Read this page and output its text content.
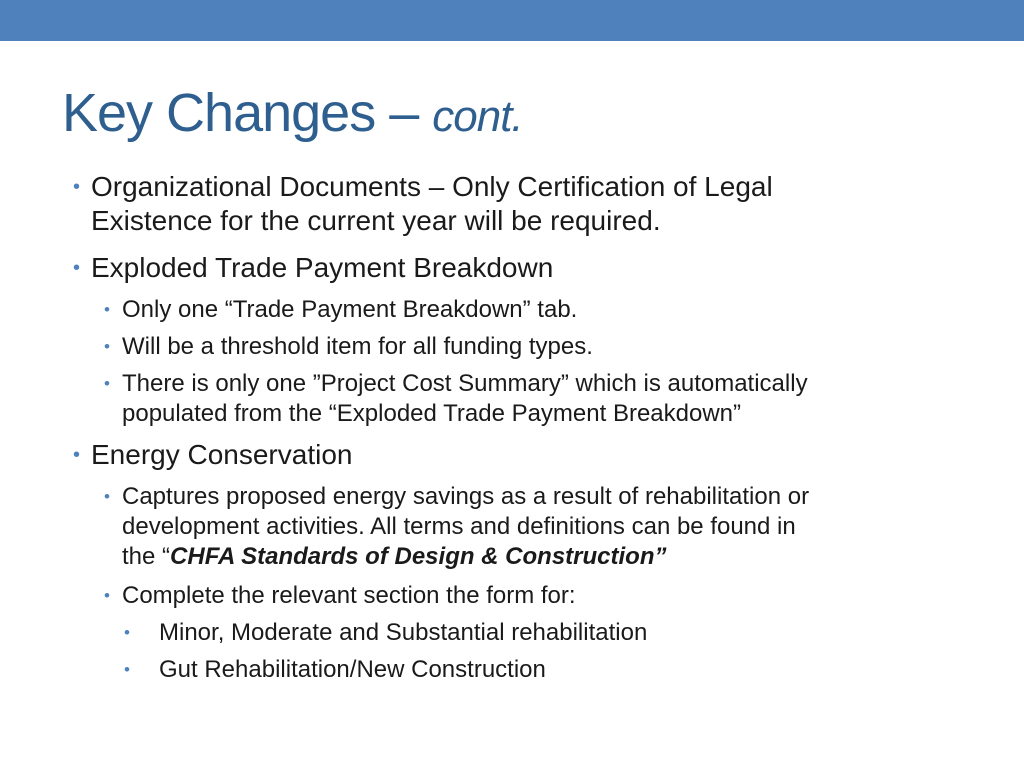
Key Changes – cont.
• Organizational Documents – Only Certification of Legal
Existence for the current year will be required.
• Exploded Trade Payment Breakdown
• Only one “Trade Payment Breakdown” tab.
• Will be a threshold item for all funding types.
• There is only one ”Project Cost Summary” which is automatically
populated from the “Exploded Trade Payment Breakdown”
• Energy Conservation
• Captures proposed energy savings as a result of rehabilitation or
development activities. All terms and definitions can be found in
the “CHFA Standards of Design & Construction”
• Complete the relevant section the form for:
• Minor, Moderate and Substantial rehabilitation
• Gut Rehabilitation/New Construction
